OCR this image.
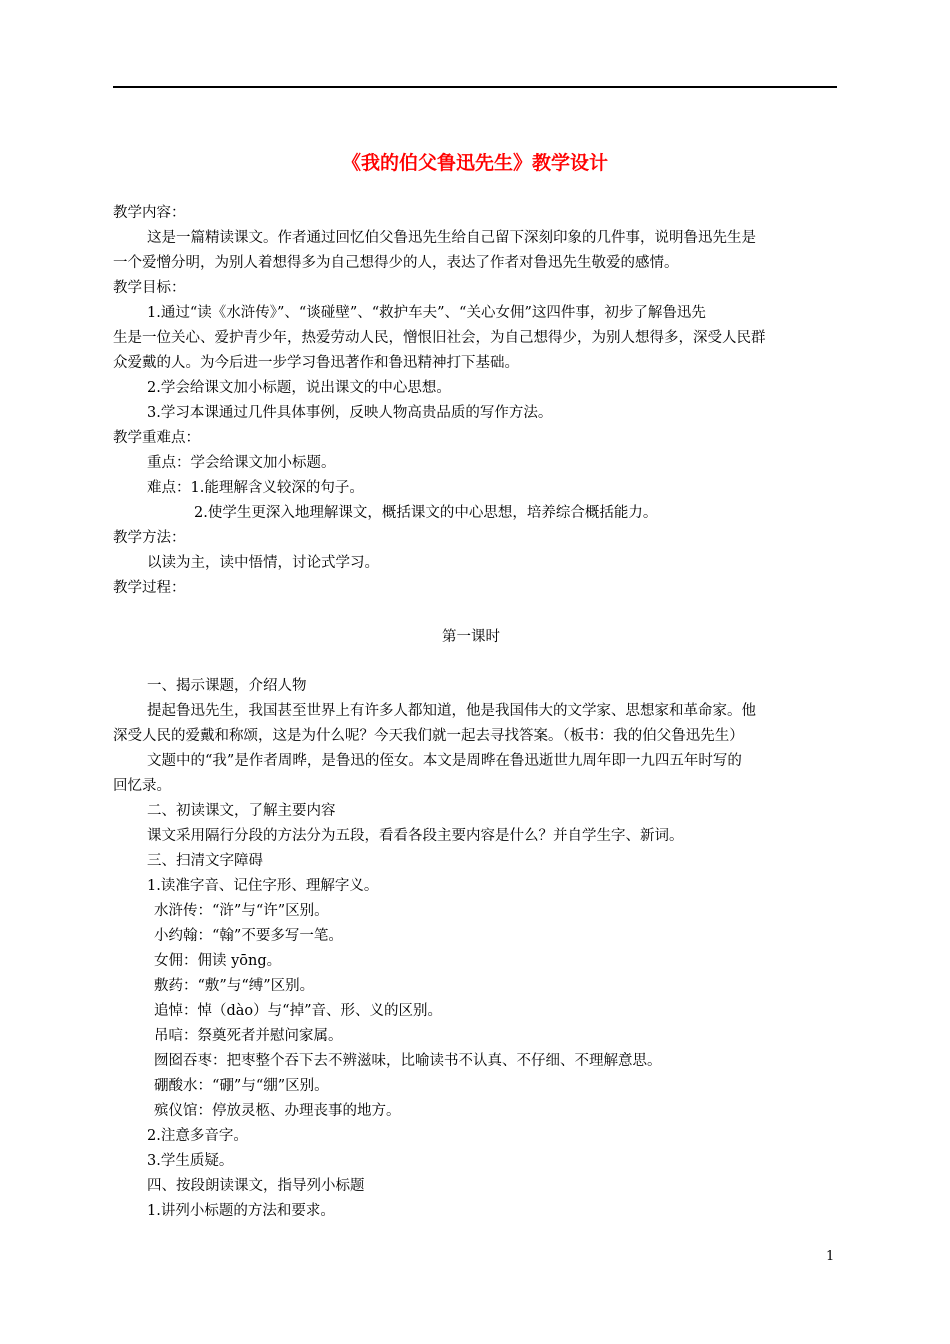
《我的伯父鲁迅先生》教学设计
教学内容：
这是一篇精读课文。作者通过回忆伯父鲁迅先生给自己留下深刻印象的几件事，说明鲁迅先生是
一个爱憎分明，为别人着想得多为自己想得少的人，表达了作者对鲁迅先生敬爱的感情。
教学目标：
1.通过“读《水浒传》”、“谈碰壁”、“救护车夫”、“关心女佣”这四件事，初步了解鲁迅先
生是一位关心、爱护青少年，热爱劳动人民，憎恨旧社会，为自己想得少，为别人想得多，深受人民群
众爱戴的人。为今后进一步学习鲁迅著作和鲁迅精神打下基础。
2.学会给课文加小标题，说出课文的中心思想。
3.学习本课通过几件具体事例，反映人物高贵品质的写作方法。
教学重难点：
重点：学会给课文加小标题。
难点：1.能理解含义较深的句子。
2.使学生更深入地理解课文，概括课文的中心思想，培养综合概括能力。
教学方法：
以读为主，读中悟情，讨论式学习。
教学过程：
第一课时
一、揭示课题，介绍人物
提起鲁迅先生，我国甚至世界上有许多人都知道，他是我国伟大的文学家、思想家和革命家。他
深受人民的爱戴和称颂，这是为什么呢？今天我们就一起去寻找答案。（板书：我的伯父鲁迅先生）
文题中的“我”是作者周晔，是鲁迅的侄女。本文是周晔在鲁迅逝世九周年即一九四五年时写的
回忆录。
二、初读课文，了解主要内容
课文采用隔行分段的方法分为五段，看看各段主要内容是什么？并自学生字、新词。
三、扫清文字障碍
1.读准字音、记住字形、理解字义。
水浒传：“浒”与“许”区别。
小约翰：“翰”不要多写一笔。
女佣：佣读 yōng。
敷药：“敷”与“缚”区别。
追悼：悼（dào）与“掉”音、形、义的区别。
吊唁：祭奠死者并慰问家属。
囫囵吞枣：把枣整个吞下去不辨滋味，比喻读书不认真、不仔细、不理解意思。
硼酸水：“硼”与“绷”区别。
殡仪馆：停放灵柩、办理丧事的地方。
2.注意多音字。
3.学生质疑。
四、按段朗读课文，指导列小标题
1.讲列小标题的方法和要求。
1
